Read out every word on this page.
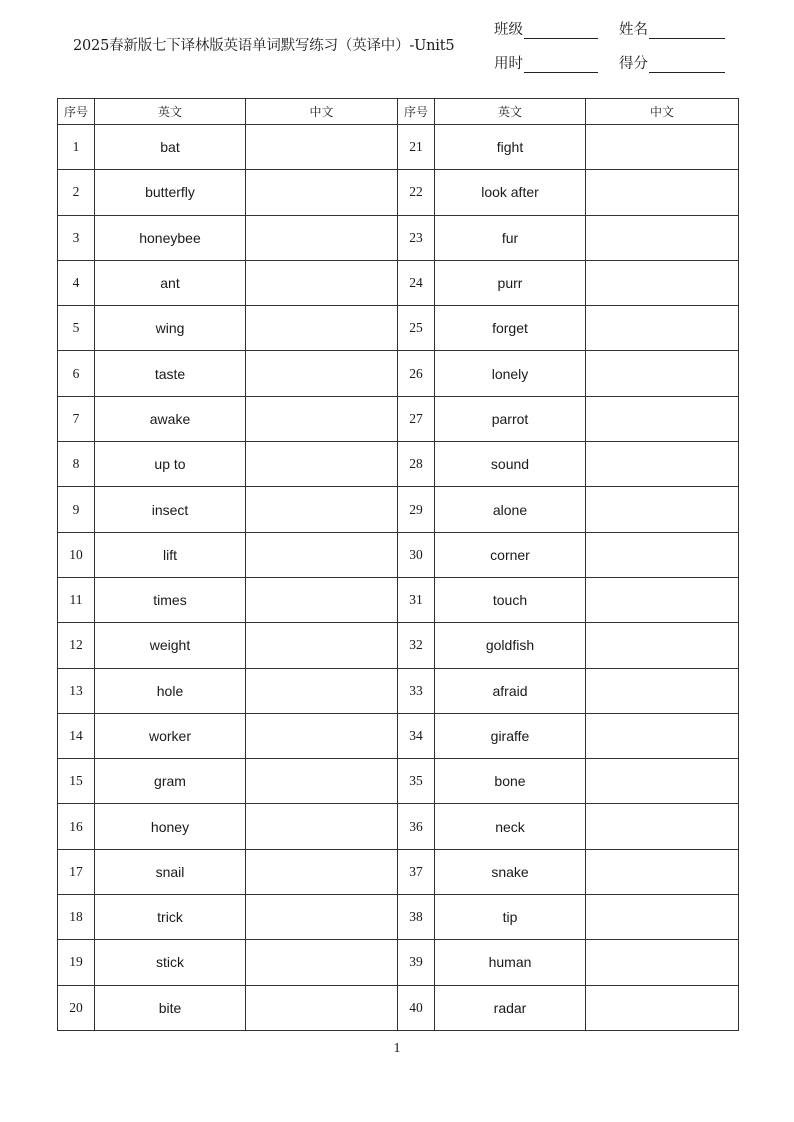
2025春新版七下译林版英语单词默写练习（英译中）-Unit5
班级	姓名
用时	得分
序号	英文	中文	序号	英文	中文
1	bat		21	fight	
2	butterfly		22	look after	
3	honeybee		23	fur	
4	ant		24	purr	
5	wing		25	forget	
6	taste		26	lonely	
7	awake		27	parrot	
8	up to		28	sound	
9	insect		29	alone	
10	lift		30	corner	
11	times		31	touch	
12	weight		32	goldfish	
13	hole		33	afraid	
14	worker		34	giraffe	
15	gram		35	bone	
16	honey		36	neck	
17	snail		37	snake	
18	trick		38	tip	
19	stick		39	human	
20	bite		40	radar	
1
